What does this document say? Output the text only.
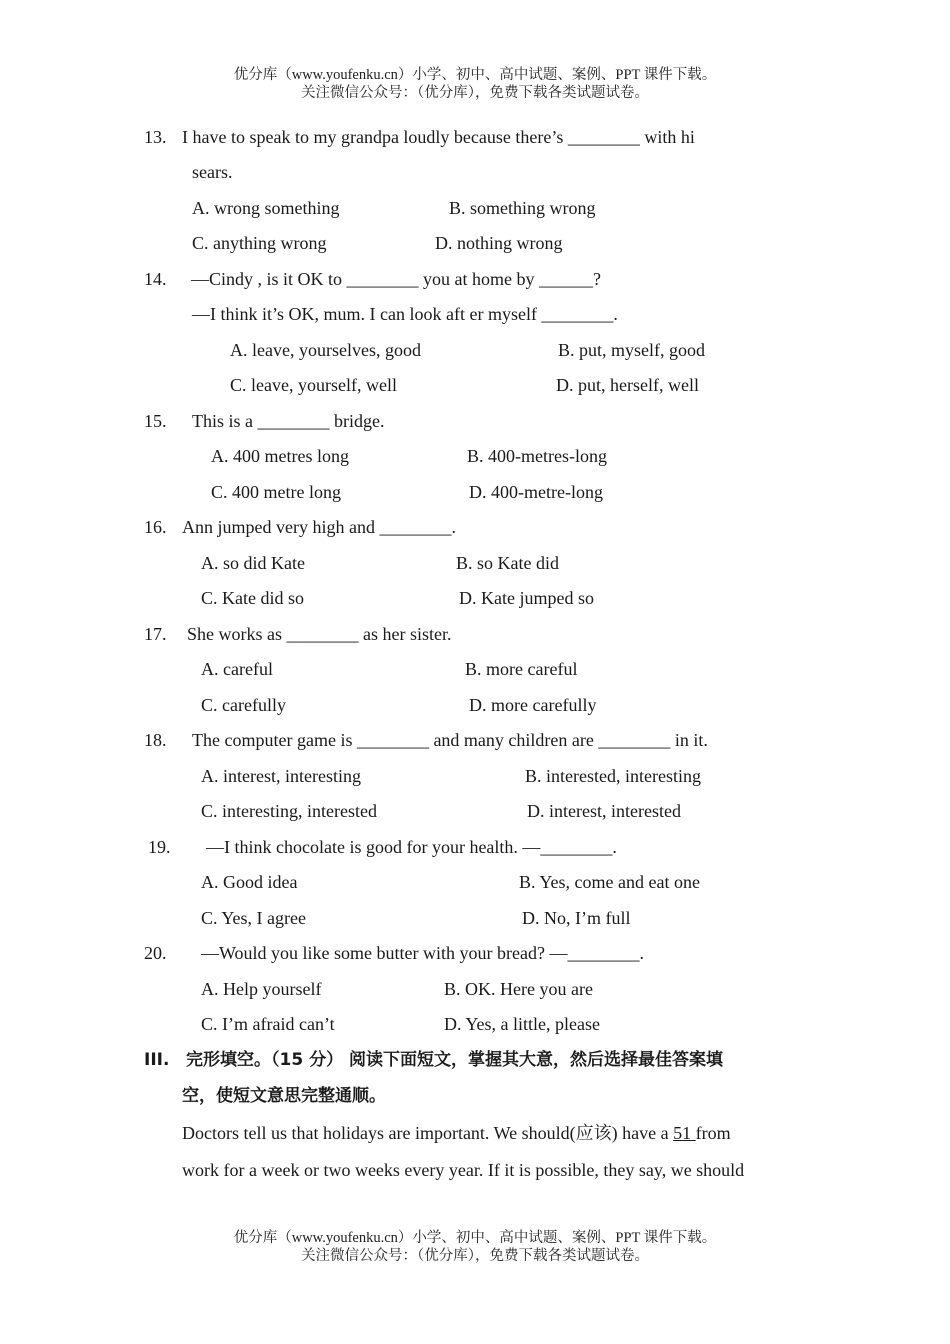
优分库（www.youfenku.cn）小学、初中、高中试题、案例、PPT 课件下载。
关注微信公众号：（优分库），免费下载各类试题试卷。
13. I have to speak to my grandpa loudly because there’s ________ with hi
sears.
A. wrong something	B. something wrong
C. anything wrong	D. nothing wrong
14. —Cindy , is it OK to ________ you at home by ______?
—I think it’s OK, mum. I can look aft er myself ________.
A. leave, yourselves, good	B. put, myself, good
C. leave, yourself, well	D. put, herself, well
15. This is a ________ bridge.
A. 400 metres long	B. 400-metres-long
C. 400 metre long	D. 400-metre-long
16. Ann jumped very high and ________.
A. so did Kate	B. so Kate did
C. Kate did so	D. Kate jumped so
17. She works as ________ as her sister.
A. careful	B. more careful
C. carefully	D. more carefully
18. The computer game is ________ and many children are ________ in it.
A. interest, interesting	B. interested, interesting
C. interesting, interested	D. interest, interested
19. —I think chocolate is good for your health. —________.
A. Good idea	B. Yes, come and eat one
C. Yes, I agree	D. No, I’m full
20. —Would you like some butter with your bread? —________.
A. Help yourself	B. OK. Here you are
C. I’m afraid can’t	D. Yes, a little, please
III. 完形填空。（15 分） 阅读下面短文，掌握其大意，然后选择最佳答案填
空，使短文意思完整通顺。
Doctors tell us that holidays are important. We should(应该) have a 51 from
work for a week or two weeks every year. If it is possible, they say, we should
优分库（www.youfenku.cn）小学、初中、高中试题、案例、PPT 课件下载。
关注微信公众号：（优分库），免费下载各类试题试卷。
